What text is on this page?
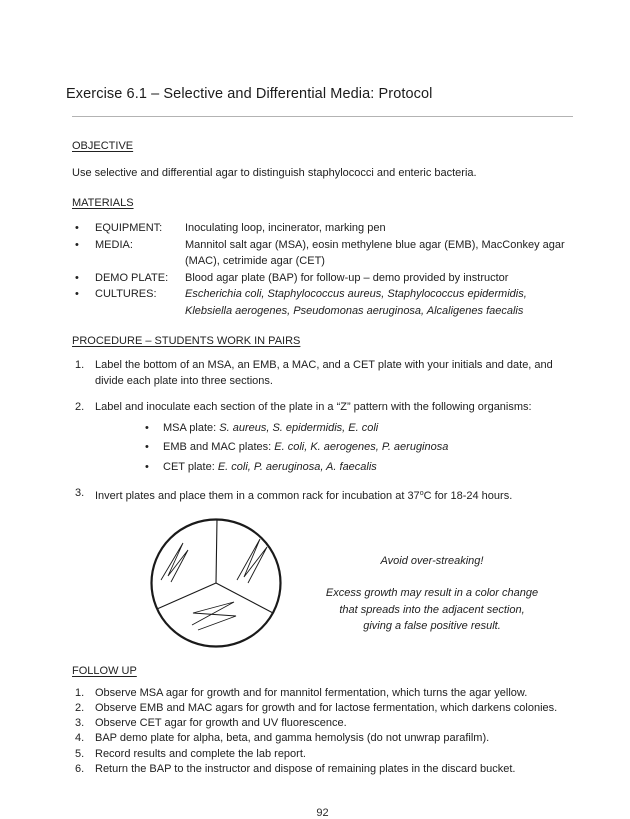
Exercise 6.1 – Selective and Differential Media: Protocol
OBJECTIVE

Use selective and differential agar to distinguish staphylococci and enteric bacteria.

MATERIALS
•	EQUIPMENT:	Inoculating loop, incinerator, marking pen
•	MEDIA:	Mannitol salt agar (MSA), eosin methylene blue agar (EMB), MacConkey agar (MAC), cetrimide agar (CET)
•	DEMO PLATE:	Blood agar plate (BAP) for follow-up – demo provided by instructor
•	CULTURES:	Escherichia coli, Staphylococcus aureus, Staphylococcus epidermidis, Klebsiella aerogenes, Pseudomonas aeruginosa, Alcaligenes faecalis
PROCEDURE – STUDENTS WORK IN PAIRS
1. Label the bottom of an MSA, an EMB, a MAC, and a CET plate with your initials and date, and divide each plate into three sections.
2. Label and inoculate each section of the plate in a “Z” pattern with the following organisms:
•	MSA plate: S. aureus, S. epidermidis, E. coli
•	EMB and MAC plates: E. coli, K. aerogenes, P. aeruginosa
•	CET plate: E. coli, P. aeruginosa, A. faecalis
3. Invert plates and place them in a common rack for incubation at 37$^o$C for 18-24 hours.
Avoid over-streaking!
Excess growth may result in a color change
that spreads into the adjacent section,
giving a false positive result.
FOLLOW UP
1. Observe MSA agar for growth and for mannitol fermentation, which turns the agar yellow.
2. Observe EMB and MAC agars for growth and for lactose fermentation, which darkens colonies.
3. Observe CET agar for growth and UV fluorescence.
4. BAP demo plate for alpha, beta, and gamma hemolysis (do not unwrap parafilm).
5. Record results and complete the lab report.
6. Return the BAP to the instructor and dispose of remaining plates in the discard bucket.
92
